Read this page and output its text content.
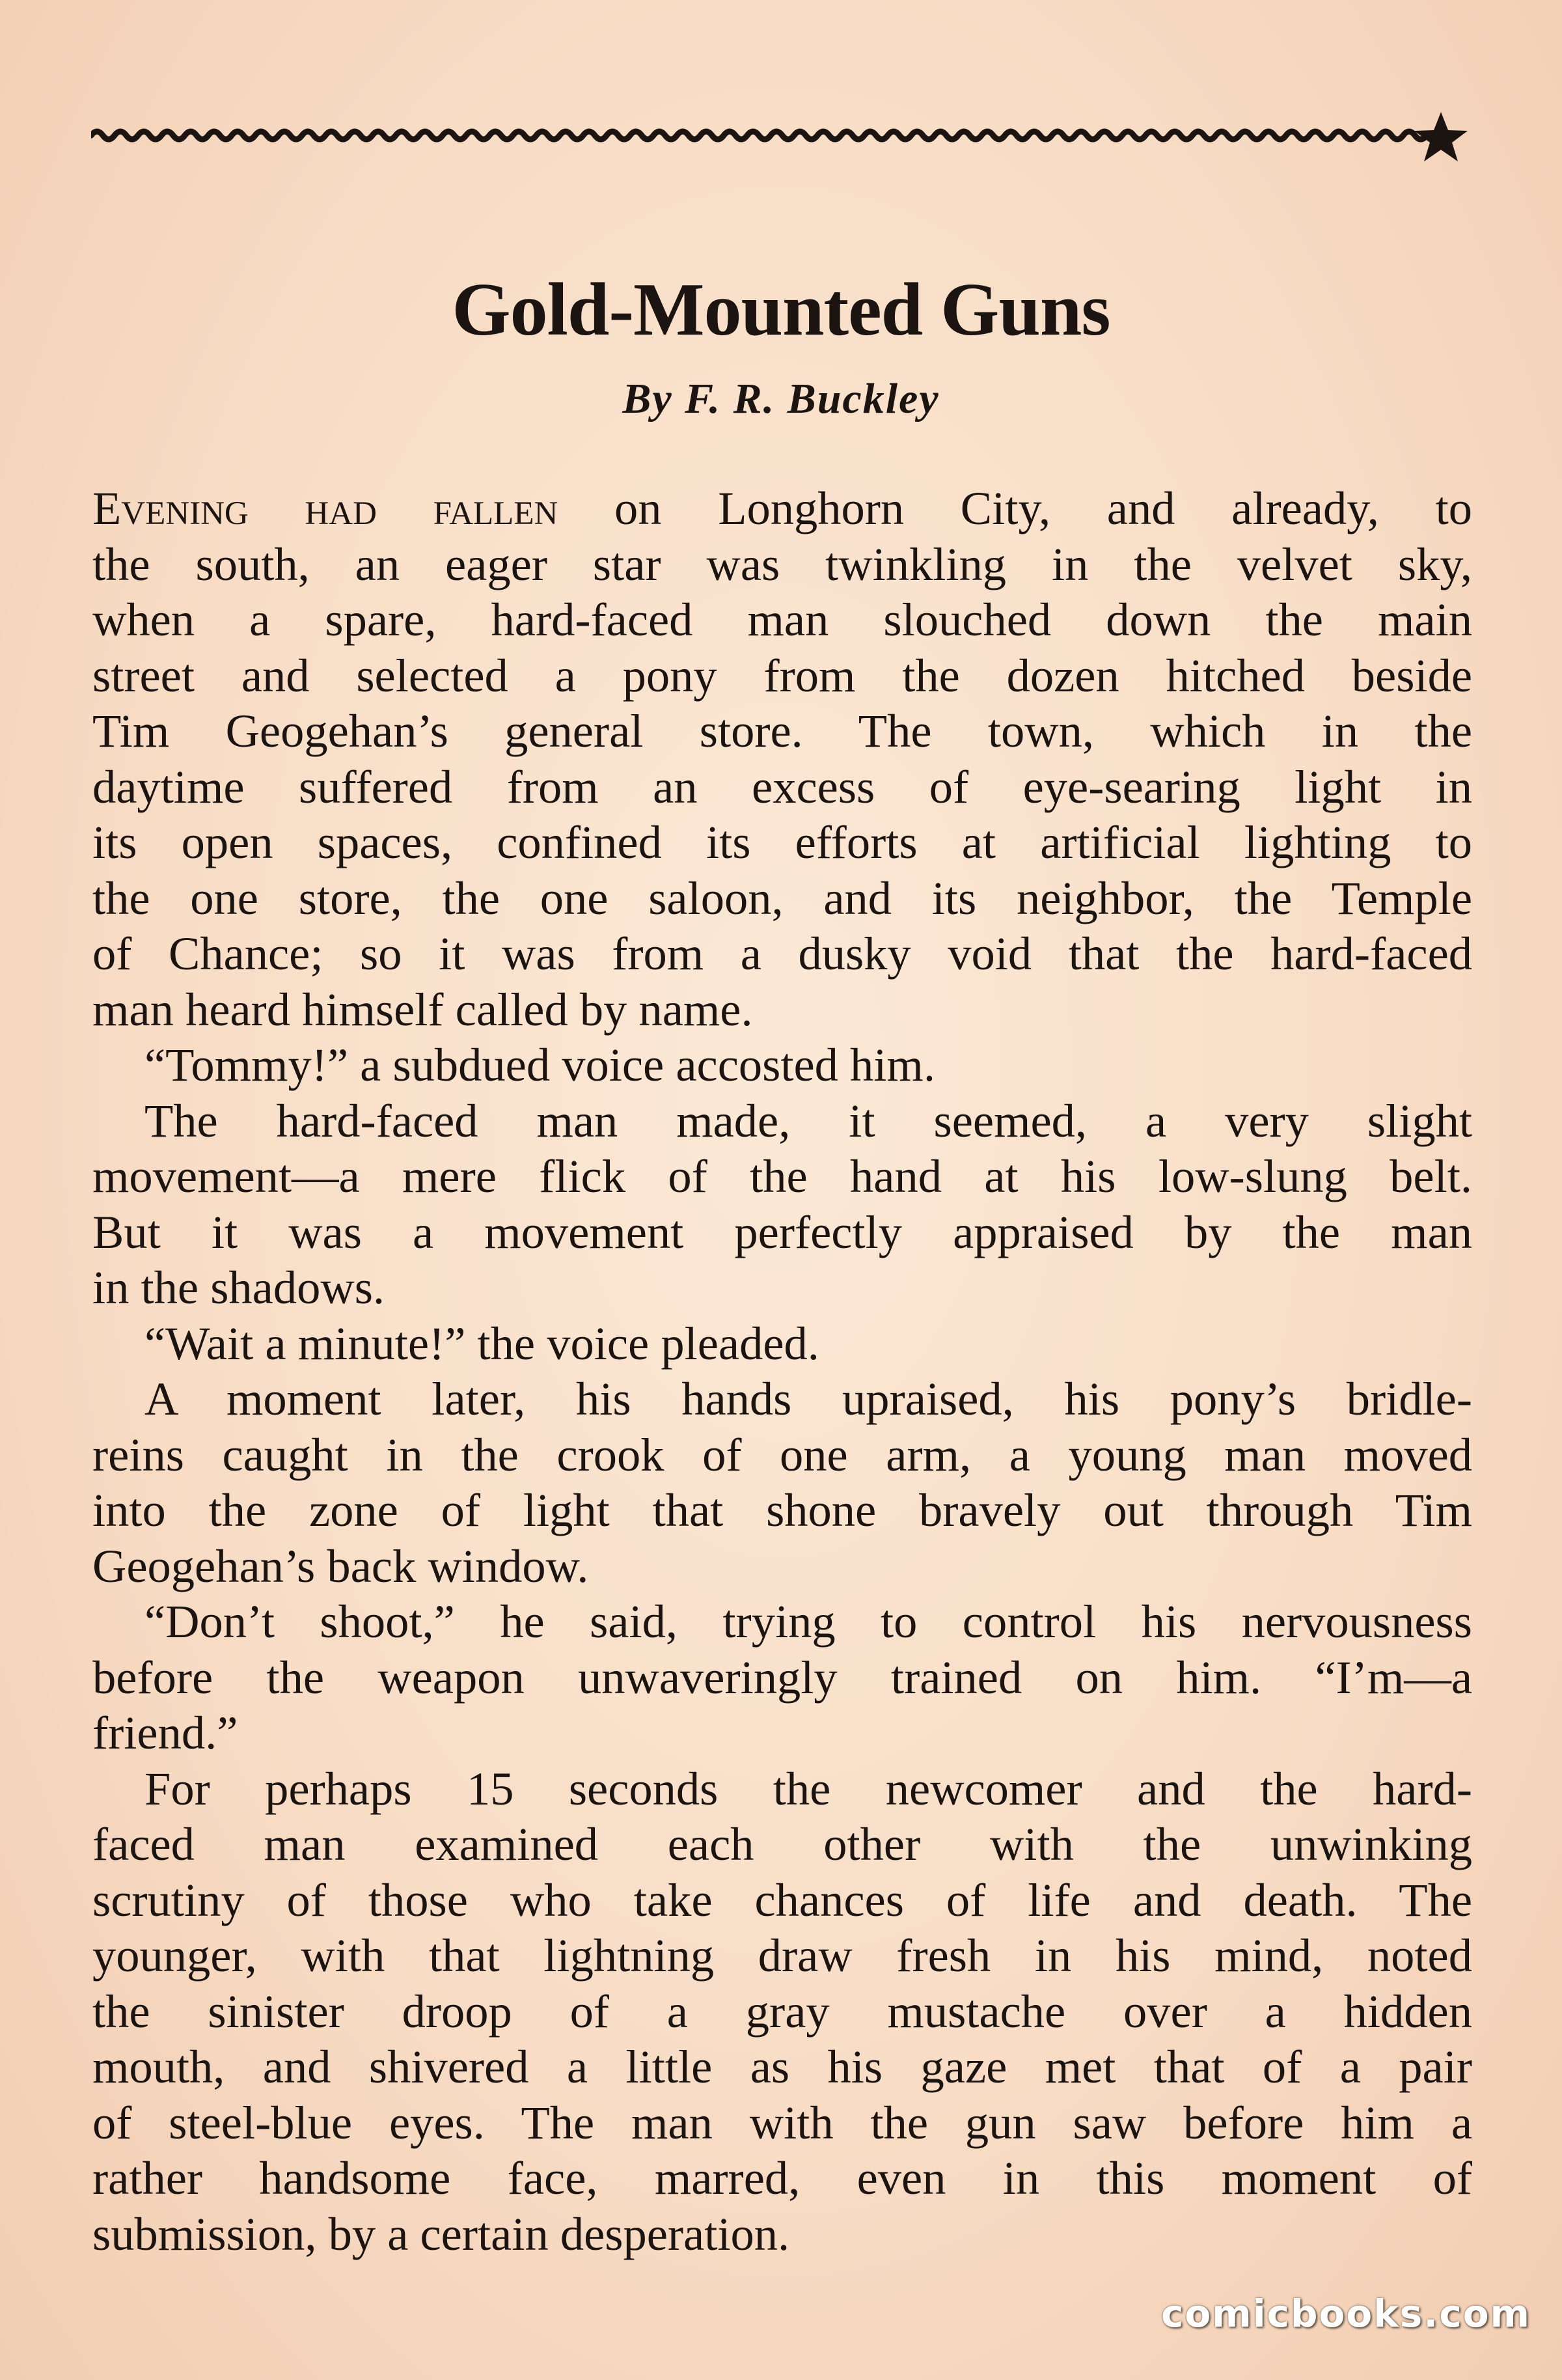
Gold-Mounted Guns
By F. R. Buckley
Evening had fallen on Longhorn City, and already, to
the south, an eager star was twinkling in the velvet sky,
when a spare, hard-faced man slouched down the main
street and selected a pony from the dozen hitched beside
Tim Geogehan’s general store. The town, which in the
daytime suffered from an excess of eye-searing light in
its open spaces, confined its efforts at artificial lighting to
the one store, the one saloon, and its neighbor, the Temple
of Chance; so it was from a dusky void that the hard-faced
man heard himself called by name.
“Tommy!” a subdued voice accosted him.
The hard-faced man made, it seemed, a very slight
movement—a mere flick of the hand at his low-slung belt.
But it was a movement perfectly appraised by the man
in the shadows.
“Wait a minute!” the voice pleaded.
A moment later, his hands upraised, his pony’s bridle-
reins caught in the crook of one arm, a young man moved
into the zone of light that shone bravely out through Tim
Geogehan’s back window.
“Don’t shoot,” he said, trying to control his nervousness
before the weapon unwaveringly trained on him. “I’m—a
friend.”
For perhaps 15 seconds the newcomer and the hard-
faced man examined each other with the unwinking
scrutiny of those who take chances of life and death. The
younger, with that lightning draw fresh in his mind, noted
the sinister droop of a gray mustache over a hidden
mouth, and shivered a little as his gaze met that of a pair
of steel-blue eyes. The man with the gun saw before him a
rather handsome face, marred, even in this moment of
submission, by a certain desperation.
comicbooks.com
